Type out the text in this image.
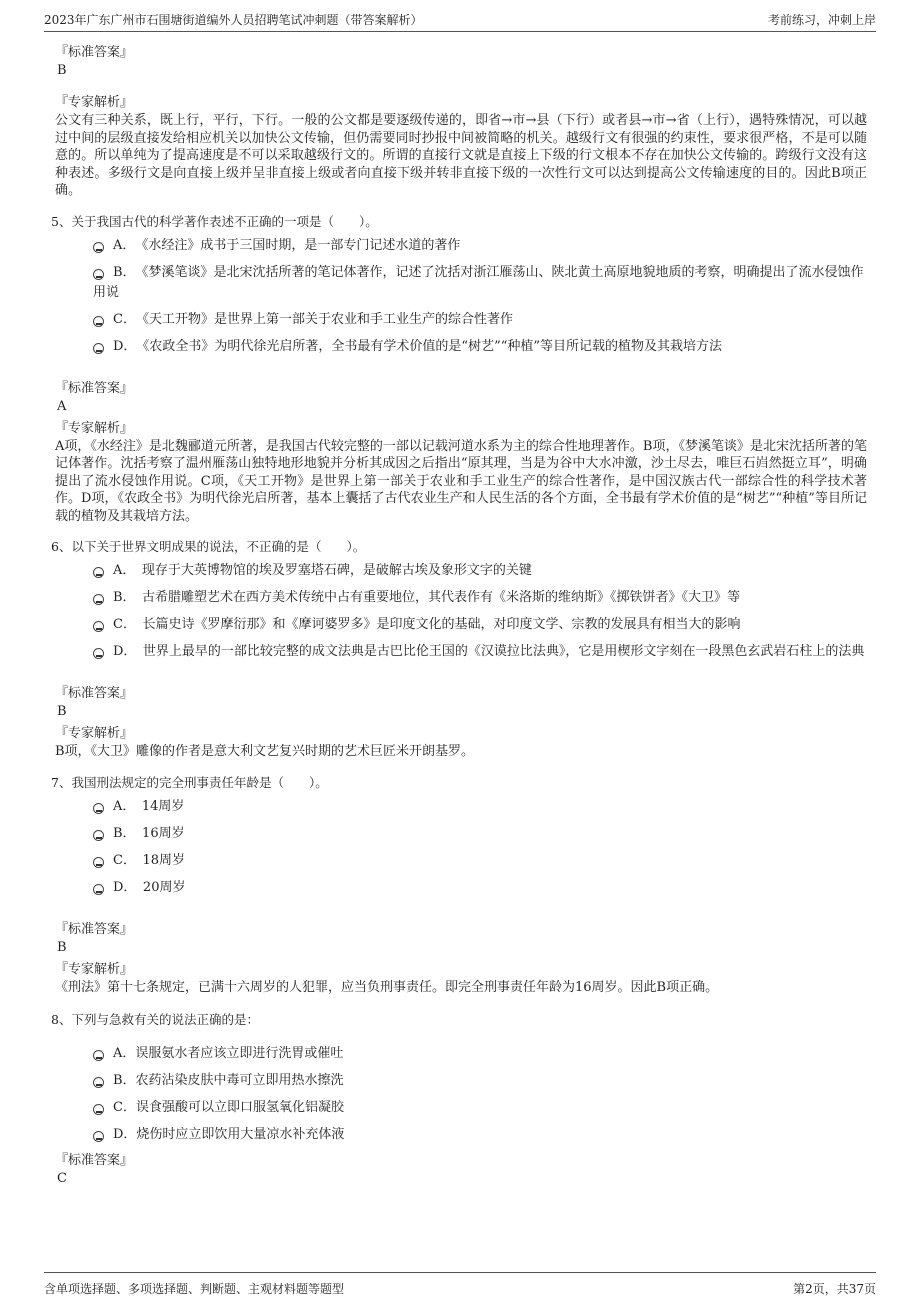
2023年广东广州市石围塘街道编外人员招聘笔试冲刺题（带答案解析）	考前练习，冲刺上岸
『标准答案』
B
『专家解析』
公文有三种关系，既上行，平行，下行。一般的公文都是要逐级传递的，即省→市→县（下行）或者县→市→省（上行），遇特殊情况，可以越过中间的层级直接发给相应机关以加快公文传输，但仍需要同时抄报中间被简略的机关。越级行文有很强的约束性，要求很严格，不是可以随意的。所以单纯为了提高速度是不可以采取越级行文的。所谓的直接行文就是直接上下级的行文根本不存在加快公文传输的。跨级行文没有这种表述。多级行文是向直接上级并呈非直接上级或者向直接下级并转非直接下级的一次性行文可以达到提高公文传输速度的目的。因此B项正确。
5、关于我国古代的科学著作表述不正确的一项是（　　）。
A．　《水经注》成书于三国时期，是一部专门记述水道的著作
B．　《梦溪笔谈》是北宋沈括所著的笔记体著作，记述了沈括对浙江雁荡山、陕北黄土高原地貌地质的考察，明确提出了流水侵蚀作用说
C．　《天工开物》是世界上第一部关于农业和手工业生产的综合性著作
D．　《农政全书》为明代徐光启所著，全书最有学术价值的是“树艺”“种植”等目所记载的植物及其栽培方法
『标准答案』
A
『专家解析』
A项，《水经注》是北魏郦道元所著，是我国古代较完整的一部以记载河道水系为主的综合性地理著作。B项，《梦溪笔谈》是北宋沈括所著的笔记体著作。沈括考察了温州雁荡山独特地形地貌并分析其成因之后指出“原其理，当是为谷中大水冲激，沙土尽去，唯巨石岿然挺立耳”，明确提出了流水侵蚀作用说。C项，《天工开物》是世界上第一部关于农业和手工业生产的综合性著作，是中国汉族古代一部综合性的科学技术著作。D项，《农政全书》为明代徐光启所著，基本上囊括了古代农业生产和人民生活的各个方面，全书最有学术价值的是“树艺”“种植”等目所记载的植物及其栽培方法。
6、以下关于世界文明成果的说法，不正确的是（　　）。
A．　现存于大英博物馆的埃及罗塞塔石碑，是破解古埃及象形文字的关键
B．　古希腊雕塑艺术在西方美术传统中占有重要地位，其代表作有《米洛斯的维纳斯》《掷铁饼者》《大卫》等
C．　长篇史诗《罗摩衍那》和《摩诃婆罗多》是印度文化的基础，对印度文学、宗教的发展具有相当大的影响
D．　世界上最早的一部比较完整的成文法典是古巴比伦王国的《汉谟拉比法典》，它是用楔形文字刻在一段黑色玄武岩石柱上的法典
『标准答案』
B
『专家解析』
B项，《大卫》雕像的作者是意大利文艺复兴时期的艺术巨匠米开朗基罗。
7、我国刑法规定的完全刑事责任年龄是（　　）。
A．　14周岁
B．　16周岁
C．　18周岁
D．　20周岁
『标准答案』
B
『专家解析』
《刑法》第十七条规定，已满十六周岁的人犯罪，应当负刑事责任。即完全刑事责任年龄为16周岁。因此B项正确。
8、下列与急救有关的说法正确的是：
A．误服氨水者应该立即进行洗胃或催吐
B．农药沾染皮肤中毒可立即用热水擦洗
C．误食强酸可以立即口服氢氧化铝凝胶
D．烧伤时应立即饮用大量凉水补充体液
『标准答案』
C
含单项选择题、多项选择题、判断题、主观材料题等题型	第2页，共37页
